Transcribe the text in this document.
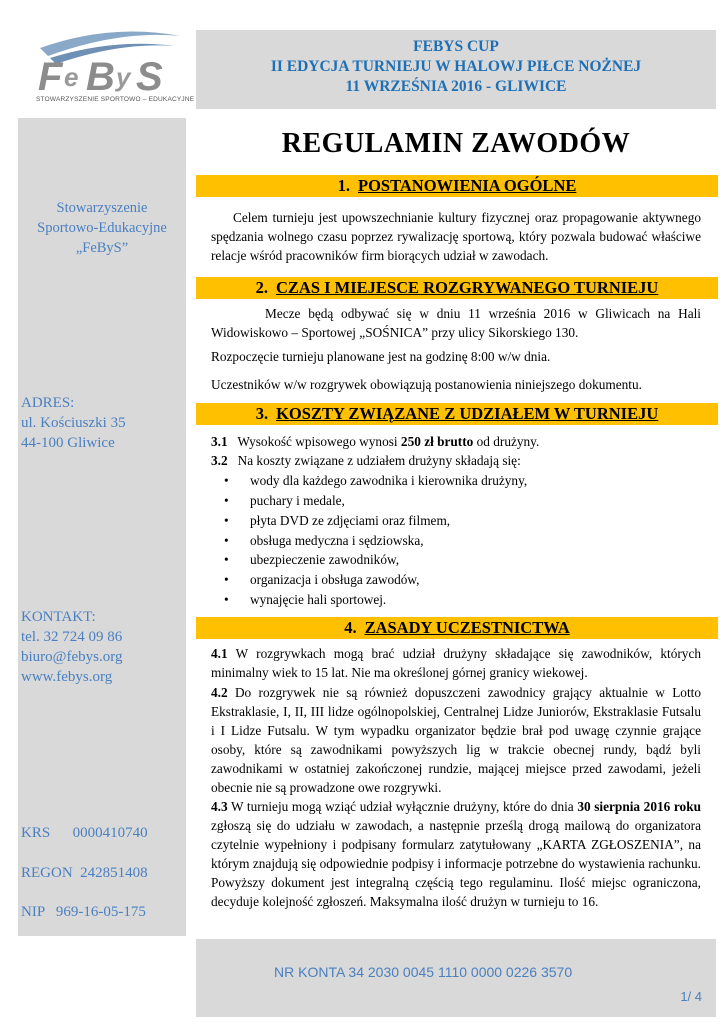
F e B y S
STOWARZYSZENIE SPORTOWO – EDUKACYJNE
FEBYS CUP
II EDYCJA TURNIEJU W HALOWJ PIŁCE NOŻNEJ
11 WRZEŚNIA 2016 - GLIWICE
Stowarzyszenie
Sportowo-Edukacyjne
„FeByS”
ADRES:
ul. Kościuszki 35
44-100 Gliwice
KONTAKT:
tel. 32 724 09 86
biuro@febys.org
www.febys.org
KRS      0000410740
REGON  242851408
NIP   969-16-05-175
REGULAMIN ZAWODÓW
1. POSTANOWIENIA OGÓLNE
Celem turnieju jest upowszechnianie kultury fizycznej oraz propagowanie aktywnego spędzania wolnego czasu poprzez rywalizację sportową, który pozwala budować właściwe relacje wśród pracowników firm biorących udział w zawodach.
2. CZAS I MIEJESCE ROZGRYWANEGO TURNIEJU
Mecze będą odbywać się w dniu 11 września 2016 w Gliwicach na Hali Widowiskowo – Sportowej „SOŚNICA” przy ulicy Sikorskiego 130.
Rozpoczęcie turnieju planowane jest na godzinę 8:00 w/w dnia.
Uczestników w/w rozgrywek obowiązują postanowienia niniejszego dokumentu.
3. KOSZTY ZWIĄZANE Z UDZIAŁEM W TURNIEJU
3.1   Wysokość wpisowego wynosi 250 zł brutto od drużyny.
3.2   Na koszty związane z udziałem drużyny składają się:
• wody dla każdego zawodnika i kierownika drużyny,
• puchary i medale,
• płyta DVD ze zdjęciami oraz filmem,
• obsługa medyczna i sędziowska,
• ubezpieczenie zawodników,
• organizacja i obsługa zawodów,
• wynajęcie hali sportowej.
4. ZASADY UCZESTNICTWA
4.1 W rozgrywkach mogą brać udział drużyny składające się zawodników, których minimalny wiek to 15 lat. Nie ma określonej górnej granicy wiekowej.
4.2 Do rozgrywek nie są również dopuszczeni zawodnicy grający aktualnie w Lotto Ekstraklasie, I, II, III lidze ogólnopolskiej, Centralnej Lidze Juniorów, Ekstraklasie Futsalu i I Lidze Futsalu. W tym wypadku organizator będzie brał pod uwagę czynnie grające osoby, które są zawodnikami powyższych lig w trakcie obecnej rundy, bądź byli zawodnikami w ostatniej zakończonej rundzie, mającej miejsce przed zawodami, jeżeli obecnie nie są prowadzone owe rozgrywki.
4.3 W turnieju mogą wziąć udział wyłącznie drużyny, które do dnia 30 sierpnia 2016 roku zgłoszą się do udziału w zawodach, a następnie prześlą drogą mailową do organizatora czytelnie wypełniony i podpisany formularz zatytułowany „KARTA ZGŁOSZENIA”, na którym znajdują się odpowiednie podpisy i informacje potrzebne do wystawienia rachunku. Powyższy dokument jest integralną częścią tego regulaminu. Ilość miejsc ograniczona, decyduje kolejność zgłoszeń. Maksymalna ilość drużyn w turnieju to 16.
NR KONTA 34 2030 0045 1110 0000 0226 3570
1/ 4
